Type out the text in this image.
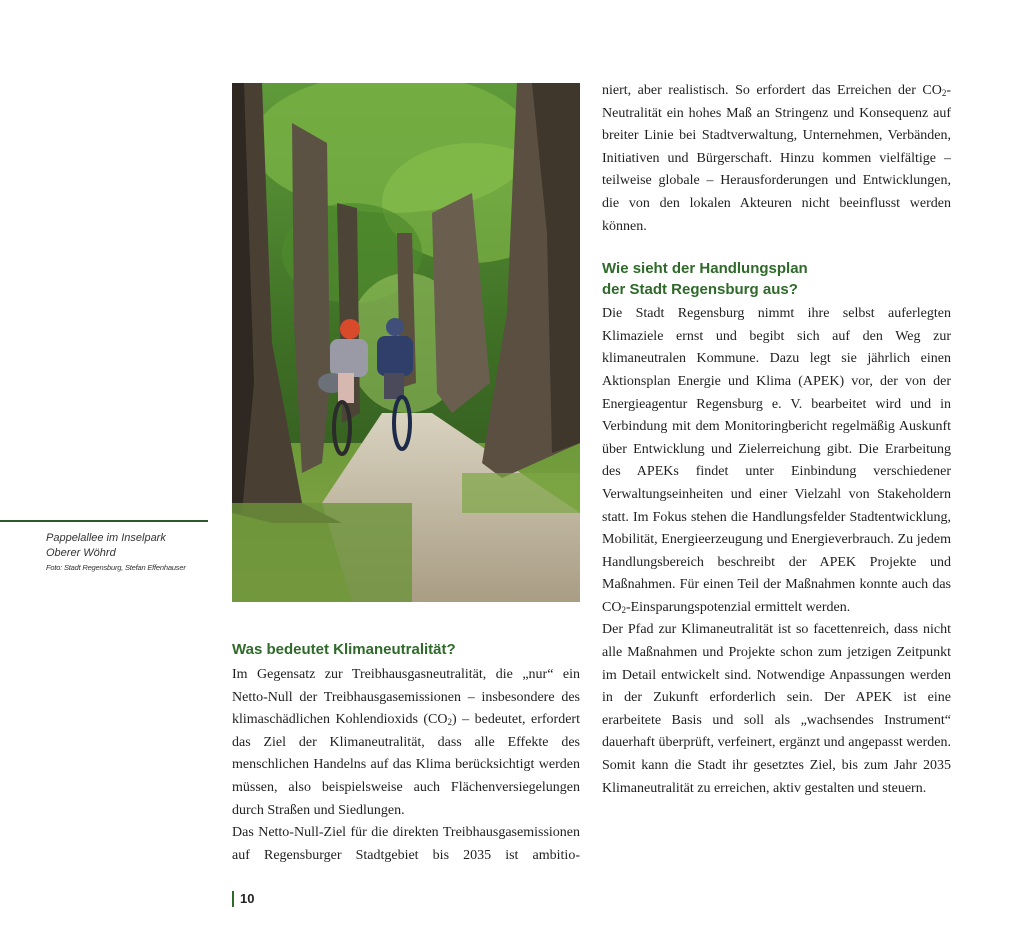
Pappelallee im Inselpark
Oberer Wöhrd
Foto: Stadt Regensburg, Stefan Effenhauser
Was bedeutet Klimaneutralität?

Im Gegensatz zur Treibhausgasneutralität, die „nur“ ein Netto-Null der Treibhausgasemissionen – insbesondere des klimaschädlichen Kohlendioxids $(CO_2)$ – bedeutet, erfordert das Ziel der Klimaneutralität, dass alle Effekte des menschlichen Handelns auf das Klima berücksichtigt werden müssen, also beispielsweise auch Flächenversiegelungen durch Straßen und Siedlungen.

Das Netto-Null-Ziel für die direkten Treibhausgasemissionen auf Regensburger Stadtgebiet bis 2035 ist ambitio-

niert, aber realistisch. So erfordert das Erreichen der $CO_2$-Neutralität ein hohes Maß an Stringenz und Konsequenz auf breiter Linie bei Stadtverwaltung, Unternehmen, Verbänden, Initiativen und Bürgerschaft. Hinzu kommen vielfältige – teilweise globale – Herausforderungen und Entwicklungen, die von den lokalen Akteuren nicht beeinflusst werden können.

Wie sieht der Handlungsplan
der Stadt Regensburg aus?

Die Stadt Regensburg nimmt ihre selbst auferlegten Klimaziele ernst und begibt sich auf den Weg zur klimaneutralen Kommune. Dazu legt sie jährlich einen Aktionsplan Energie und Klima (APEK) vor, der von der Energieagentur Regensburg e. V. bearbeitet wird und in Verbindung mit dem Monitoringbericht regelmäßig Auskunft über Entwicklung und Zielerreichung gibt. Die Erarbeitung des APEKs findet unter Einbindung verschiedener Verwaltungseinheiten und einer Vielzahl von Stakeholdern statt. Im Fokus stehen die Handlungsfelder Stadtentwicklung, Mobilität, Energieerzeugung und Energieverbrauch. Zu jedem Handlungsbereich beschreibt der APEK Projekte und Maßnahmen. Für einen Teil der Maßnahmen konnte auch das $CO_2$-Einsparungspotenzial ermittelt werden.

Der Pfad zur Klimaneutralität ist so facettenreich, dass nicht alle Maßnahmen und Projekte schon zum jetzigen Zeitpunkt im Detail entwickelt sind. Notwendige Anpassungen werden in der Zukunft erforderlich sein. Der APEK ist eine erarbeitete Basis und soll als „wachsendes Instrument“ dauerhaft überprüft, verfeinert, ergänzt und angepasst werden. Somit kann die Stadt ihr gesetztes Ziel, bis zum Jahr 2035 Klimaneutralität zu erreichen, aktiv gestalten und steuern.

10
